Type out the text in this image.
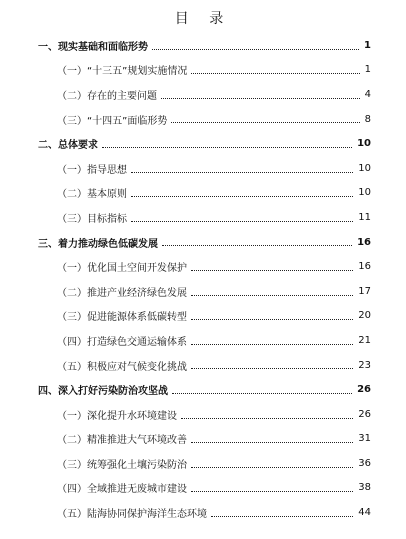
目 录
一、现实基础和面临形势	1
（一）“十三五”规划实施情况	1
（二）存在的主要问题	4
（三）“十四五”面临形势	8
二、总体要求	10
（一）指导思想	10
（二）基本原则	10
（三）目标指标	11
三、着力推动绿色低碳发展	16
（一）优化国土空间开发保护	16
（二）推进产业经济绿色发展	17
（三）促进能源体系低碳转型	20
（四）打造绿色交通运输体系	21
（五）积极应对气候变化挑战	23
四、深入打好污染防治攻坚战	26
（一）深化提升水环境建设	26
（二）精准推进大气环境改善	31
（三）统筹强化土壤污染防治	36
（四）全域推进无废城市建设	38
（五）陆海协同保护海洋生态环境	44
